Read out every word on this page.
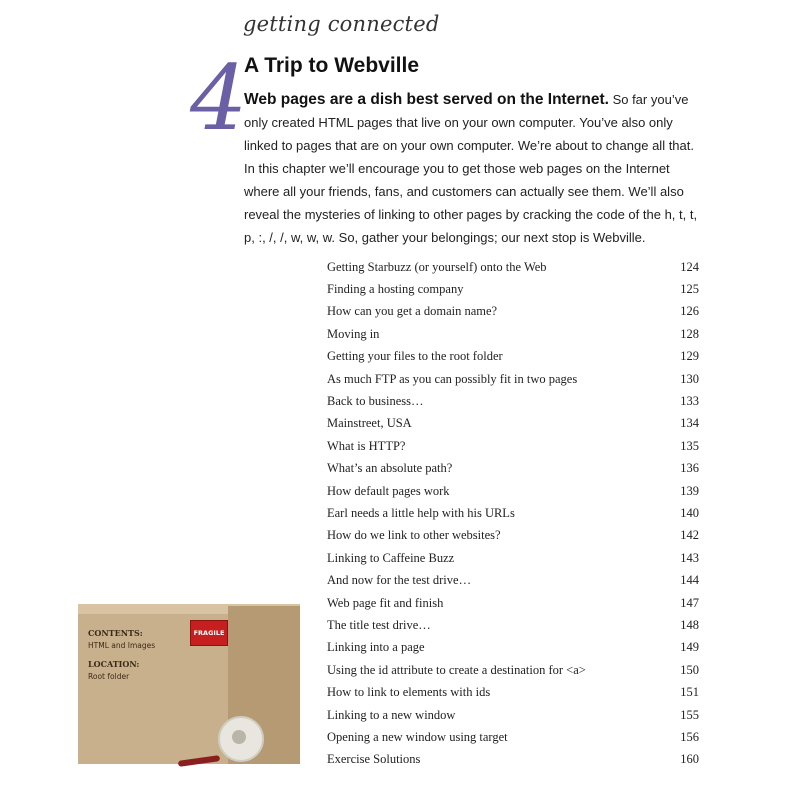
getting connected
4
A Trip to Webville
Web pages are a dish best served on the Internet. So far you’ve only created HTML pages that live on your own computer. You’ve also only linked to pages that are on your own computer. We’re about to change all that. In this chapter we’ll encourage you to get those web pages on the Internet where all your friends, fans, and customers can actually see them. We’ll also reveal the mysteries of linking to other pages by cracking the code of the h, t, t, p, :, /, /, w, w, w. So, gather your belongings; our next stop is Webville.
Getting Starbuzz (or yourself) onto the Web	124
Finding a hosting company	125
How can you get a domain name?	126
Moving in	128
Getting your files to the root folder	129
As much FTP as you can possibly fit in two pages	130
Back to business…	133
Mainstreet, USA	134
What is HTTP?	135
What’s an absolute path?	136
How default pages work	139
Earl needs a little help with his URLs	140
How do we link to other websites?	142
Linking to Caffeine Buzz	143
And now for the test drive…	144
Web page fit and finish	147
The title test drive…	148
Linking into a page	149
Using the id attribute to create a destination for <a>	150
How to link to elements with ids	151
Linking to a new window	155
Opening a new window using target	156
Exercise Solutions	160
CONTENTS:
HTML and Images
LOCATION:
Root folder
FRAGILE
